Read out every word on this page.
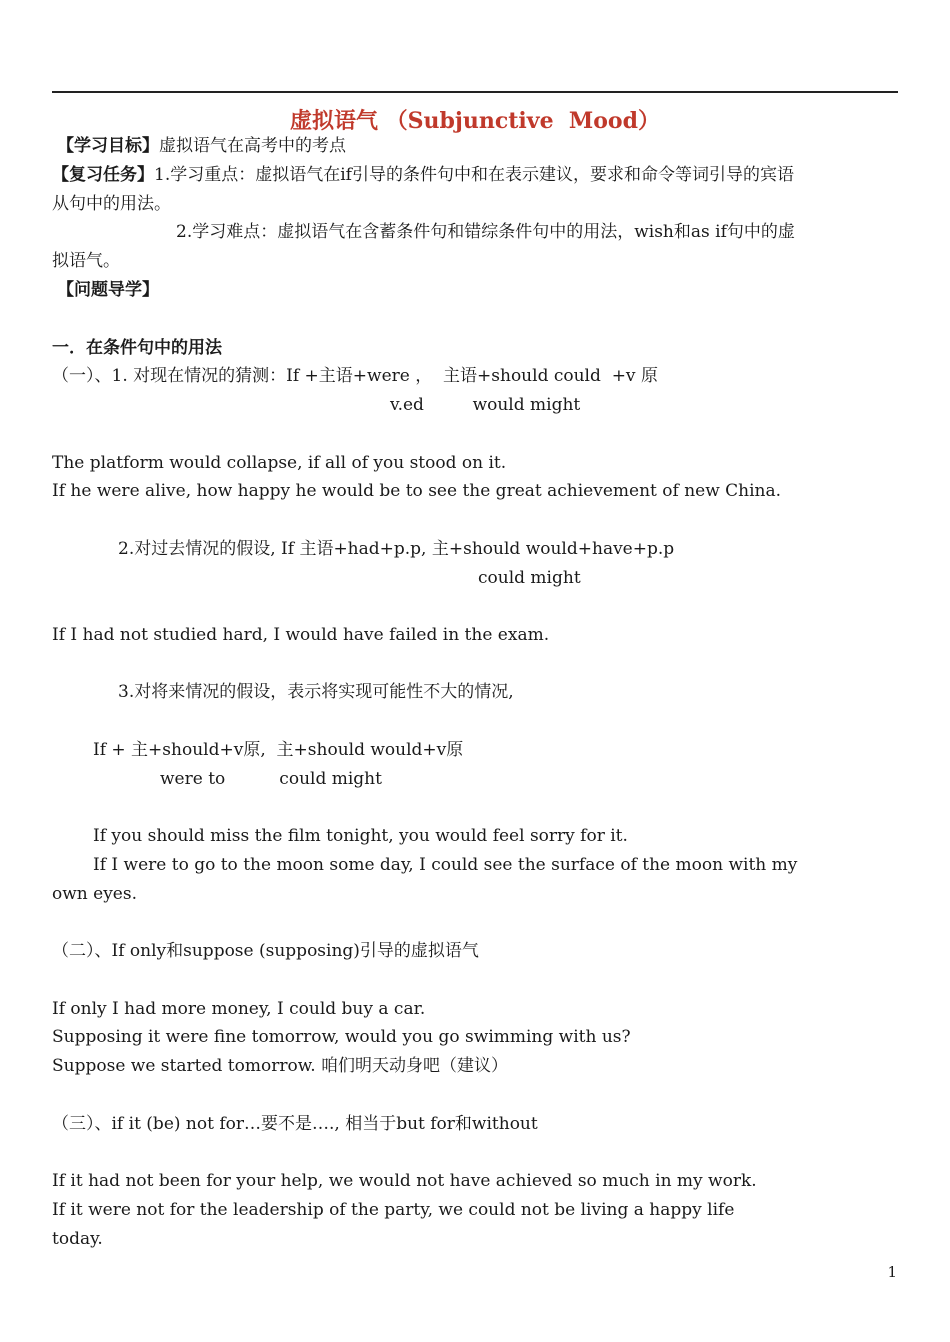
虚拟语气 （Subjunctive  Mood）
【学习目标】虚拟语气在高考中的考点
【复习任务】1.学习重点：虚拟语气在if引导的条件句中和在表示建议，要求和命令等词引导的宾语
从句中的用法。
2.学习难点：虚拟语气在含蓄条件句和错综条件句中的用法，wish和as if句中的虚
拟语气。
【问题导学】
一．在条件句中的用法
（一）、1. 对现在情况的猜测：If +主语+were ，  主语+should could  +v 原
v.ed         would might
The platform would collapse, if all of you stood on it.
If he were alive, how happy he would be to see the great achievement of new China.
2.对过去情况的假设, If 主语+had+p.p, 主+should would+have+p.p
could might
If I had not studied hard, I would have failed in the exam.
3.对将来情况的假设，表示将实现可能性不大的情况,
If + 主+should+v原,  主+should would+v原
were to          could might
If you should miss the film tonight, you would feel sorry for it.
If I were to go to the moon some day, I could see the surface of the moon with my
own eyes.
（二）、If only和suppose (supposing)引导的虚拟语气
If only I had more money, I could buy a car.
Supposing it were fine tomorrow, would you go swimming with us?
Suppose we started tomorrow. 咱们明天动身吧（建议）
（三）、if it (be) not for…要不是…., 相当于but for和without
If it had not been for your help, we would not have achieved so much in my work.
If it were not for the leadership of the party, we could not be living a happy life
today.
1
